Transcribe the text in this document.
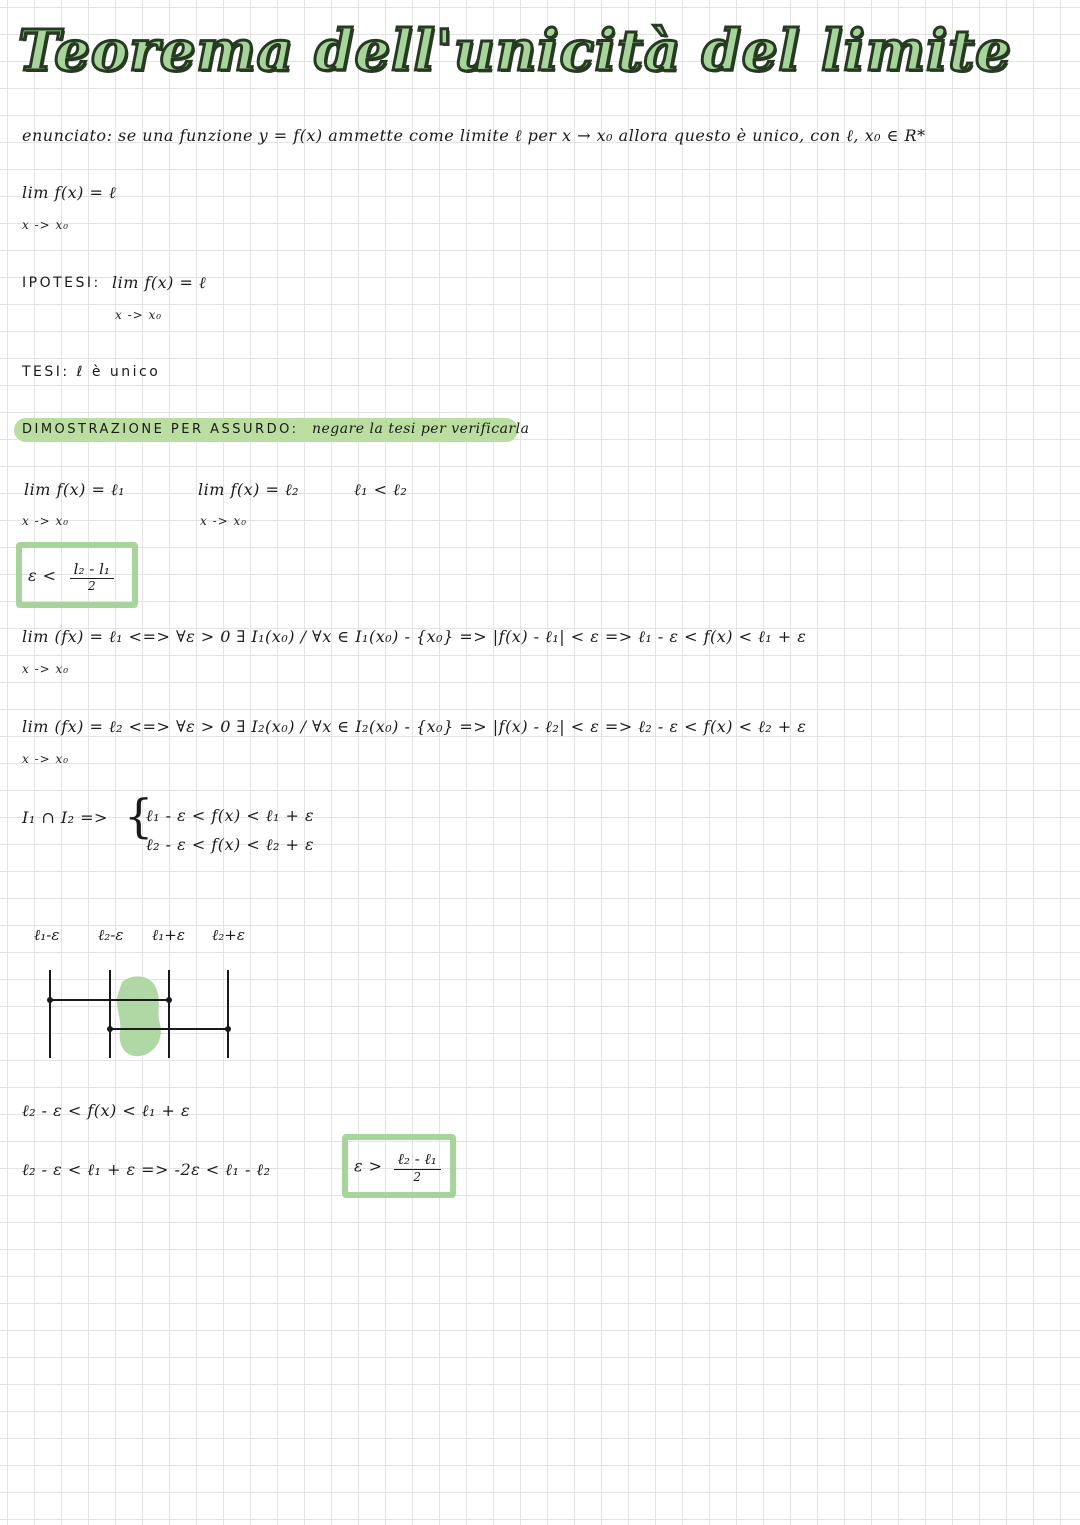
Teorema dell'unicità del limite
enunciato: se una funzione y = f(x) ammette come limite ℓ per x → x₀ allora questo è unico, con ℓ, x₀ ∈ R*
lim f(x) = ℓ
x -> x₀
IPOTESI: lim f(x) = ℓ
x -> x₀
TESI: ℓ è unico
DIMOSTRAZIONE PER ASSURDO: negare la tesi per verificarla
lim f(x) = ℓ₁
x -> x₀
lim f(x) = ℓ₂
x -> x₀
ℓ₁ < ℓ₂
$\varepsilon < \frac{\text{l₂ - l₁}}{2}$
lim (fx) = ℓ₁ <=> ∀ε > 0 ∃ I₁(x₀) / ∀x ∈ I₁(x₀) - {x₀} => |f(x) - ℓ₁| < ε => ℓ₁ - ε < f(x) < ℓ₁ + ε
x -> x₀
lim (fx) = ℓ₂ <=> ∀ε > 0 ∃ I₂(x₀) / ∀x ∈ I₂(x₀) - {x₀} => |f(x) - ℓ₂| < ε => ℓ₂ - ε < f(x) < ℓ₂ + ε
x -> x₀
I₁ ∩ I₂ => {
ℓ₁ - ε < f(x) < ℓ₁ + ε
ℓ₂ - ε < f(x) < ℓ₂ + ε
ℓ₁-ε	ℓ₂-ε ℓ₁+ε ℓ₂+ε
ℓ₂ - ε < f(x) < ℓ₁ + ε
ℓ₂ - ε < ℓ₁ + ε => -2ε < ℓ₁ - ℓ₂	$\varepsilon > \frac{\text{ℓ₂ - ℓ₁}}{2}$
